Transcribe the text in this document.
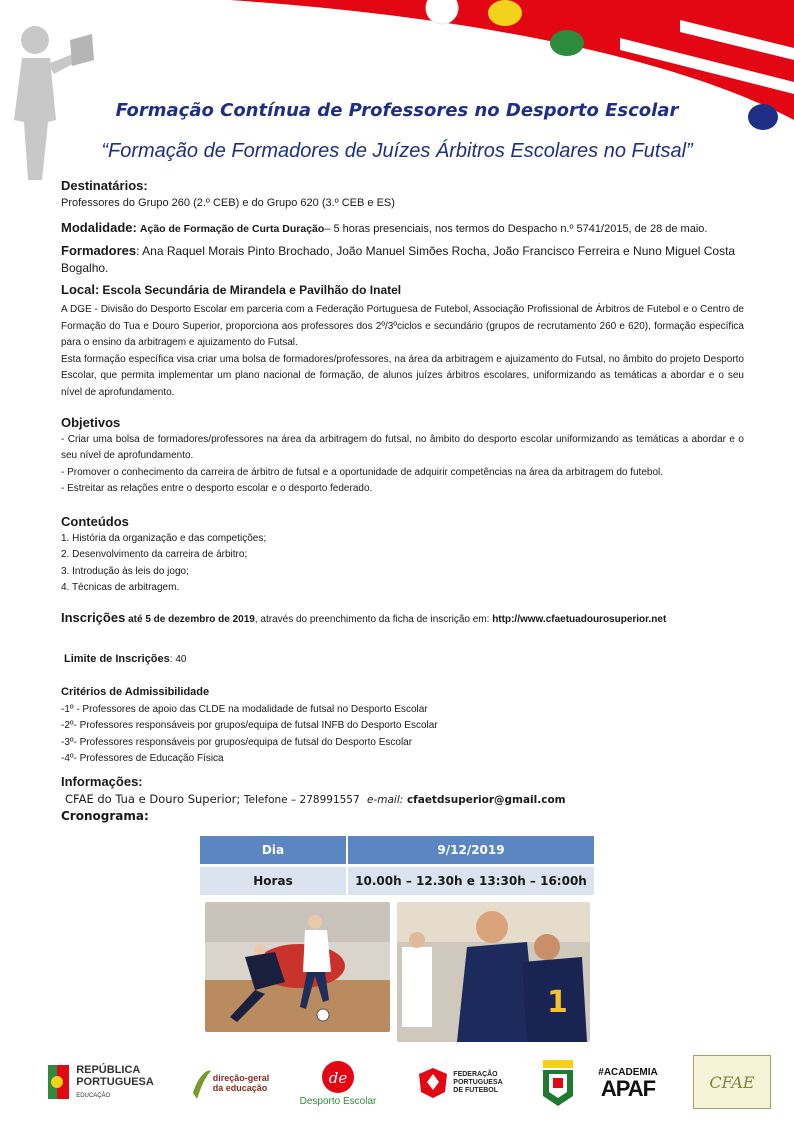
Formação Contínua de Professores no Desporto Escolar
“Formação de Formadores de Juízes Árbitros Escolares no Futsal”

Destinatários:

Professores do Grupo 260 (2.º CEB) e do Grupo 620 (3.º CEB e ES)

Modalidade: Ação de Formação de Curta Duração– 5 horas presenciais, nos termos do Despacho n.º 5741/2015, de 28 de maio.

Formadores: Ana Raquel Morais Pinto Brochado, João Manuel Simões Rocha, João Francisco Ferreira e Nuno Miguel Costa Bogalho.

Local: Escola Secundária de Mirandela e Pavilhão do Inatel

A DGE - Divisão do Desporto Escolar em parceria com a Federação Portuguesa de Futebol, Associação Profissional de Árbitros de Futebol e o Centro de Formação do Tua e Douro Superior, proporciona aos professores dos 2º/3ºciclos e secundário (grupos de recrutamento 260 e 620), formação específica para o ensino da arbitragem e ajuizamento do Futsal.

Esta formação específica visa criar uma bolsa de formadores/professores, na área da arbitragem e ajuizamento do Futsal, no âmbito do projeto Desporto Escolar, que permita implementar um plano nacional de formação, de alunos juízes árbitros escolares, uniformizando as temáticas a abordar e o seu nível de aprofundamento.

Objetivos

- Criar uma bolsa de formadores/professores na área da arbitragem do futsal, no âmbito do desporto escolar uniformizando as temáticas a abordar e o seu nível de aprofundamento.

- Promover o conhecimento da carreira de árbitro de futsal e a oportunidade de adquirir competências na área da arbitragem do futebol.

- Estreitar as relações entre o desporto escolar e o desporto federado.

Conteúdos

1. História da organização e das competições;

2. Desenvolvimento da carreira de árbitro;

3. Introdução às leis do jogo;

4. Técnicas de arbitragem.

Inscrições até 5 de dezembro de 2019, através do preenchimento da ficha de inscrição em: http://www.cfaetuadourosuperior.net

Limite de Inscrições: 40

Critérios de Admissibilidade

-1º - Professores de apoio das CLDE na modalidade de futsal no Desporto Escolar

-2º- Professores responsáveis por grupos/equipa de futsal INFB do Desporto Escolar

-3º- Professores responsáveis por grupos/equipa de futsal do Desporto Escolar

-4º- Professores de Educação Física

Informações:

CFAE do Tua e Douro Superior; Telefone – 278991557 e-mail: cfaetdsuperior@gmail.com

Cronograma:

Dia	9/12/2019
Horas	10.00h – 12.30h e 13:30h – 16:00h
1
REPÚBLICA
PORTUGUESA
EDUCAÇÃO
direção-geral
da educação
de
Desporto Escolar
FEDERAÇÃO
PORTUGUESA
DE FUTEBOL
#ACADEMIA
APAF	CFAE
